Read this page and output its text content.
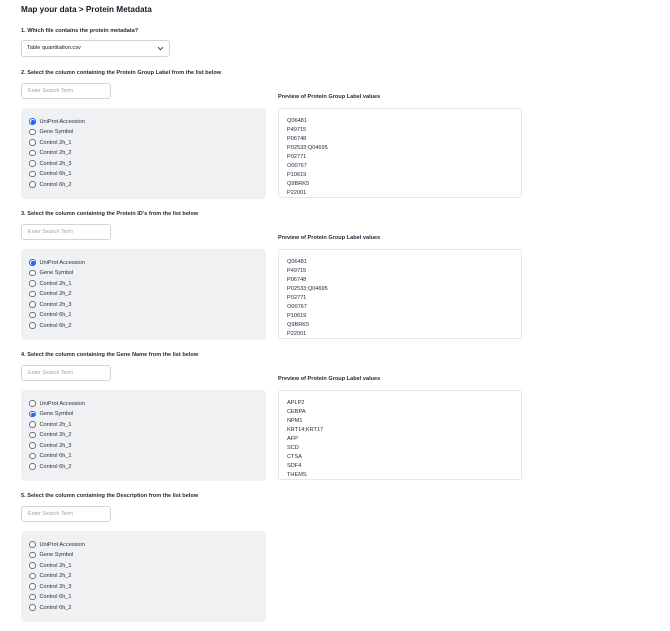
Map your data > Protein Metadata
1. Which file contains the protein metadata?
Table quantitation.csv
2. Select the column containing the Protein Group Label from the list below
Enter Search Term
UniProt Accession
Gene Symbol
Control 2h_1
Control 2h_2
Control 2h_3
Control 6h_1
Control 6h_2
Preview of Protein Group Label values
Q06481
P49715
P06748
P02533;Q04695
P02771
O00767
P10619
Q9BRK5
P22001
3. Select the column containing the Protein ID's from the list below
Enter Search Term
UniProt Accession
Gene Symbol
Control 2h_1
Control 2h_2
Control 2h_3
Control 6h_1
Control 6h_2
Preview of Protein Group Label values
Q06481
P49715
P06748
P02533;Q04695
P02771
O00767
P10619
Q9BRK5
P22001
4. Select the column containing the Gene Name from the list below
Enter Search Term
UniProt Accession
Gene Symbol
Control 2h_1
Control 2h_2
Control 2h_3
Control 6h_1
Control 6h_2
Preview of Protein Group Label values
APLP2
CEBPA
NPM1
KRT14;KRT17
AFP
SCD
CTSA
SDF4
THEMS
5. Select the column containing the Description from the list below
Enter Search Term
UniProt Accession
Gene Symbol
Control 2h_1
Control 2h_2
Control 2h_3
Control 6h_1
Control 6h_2
